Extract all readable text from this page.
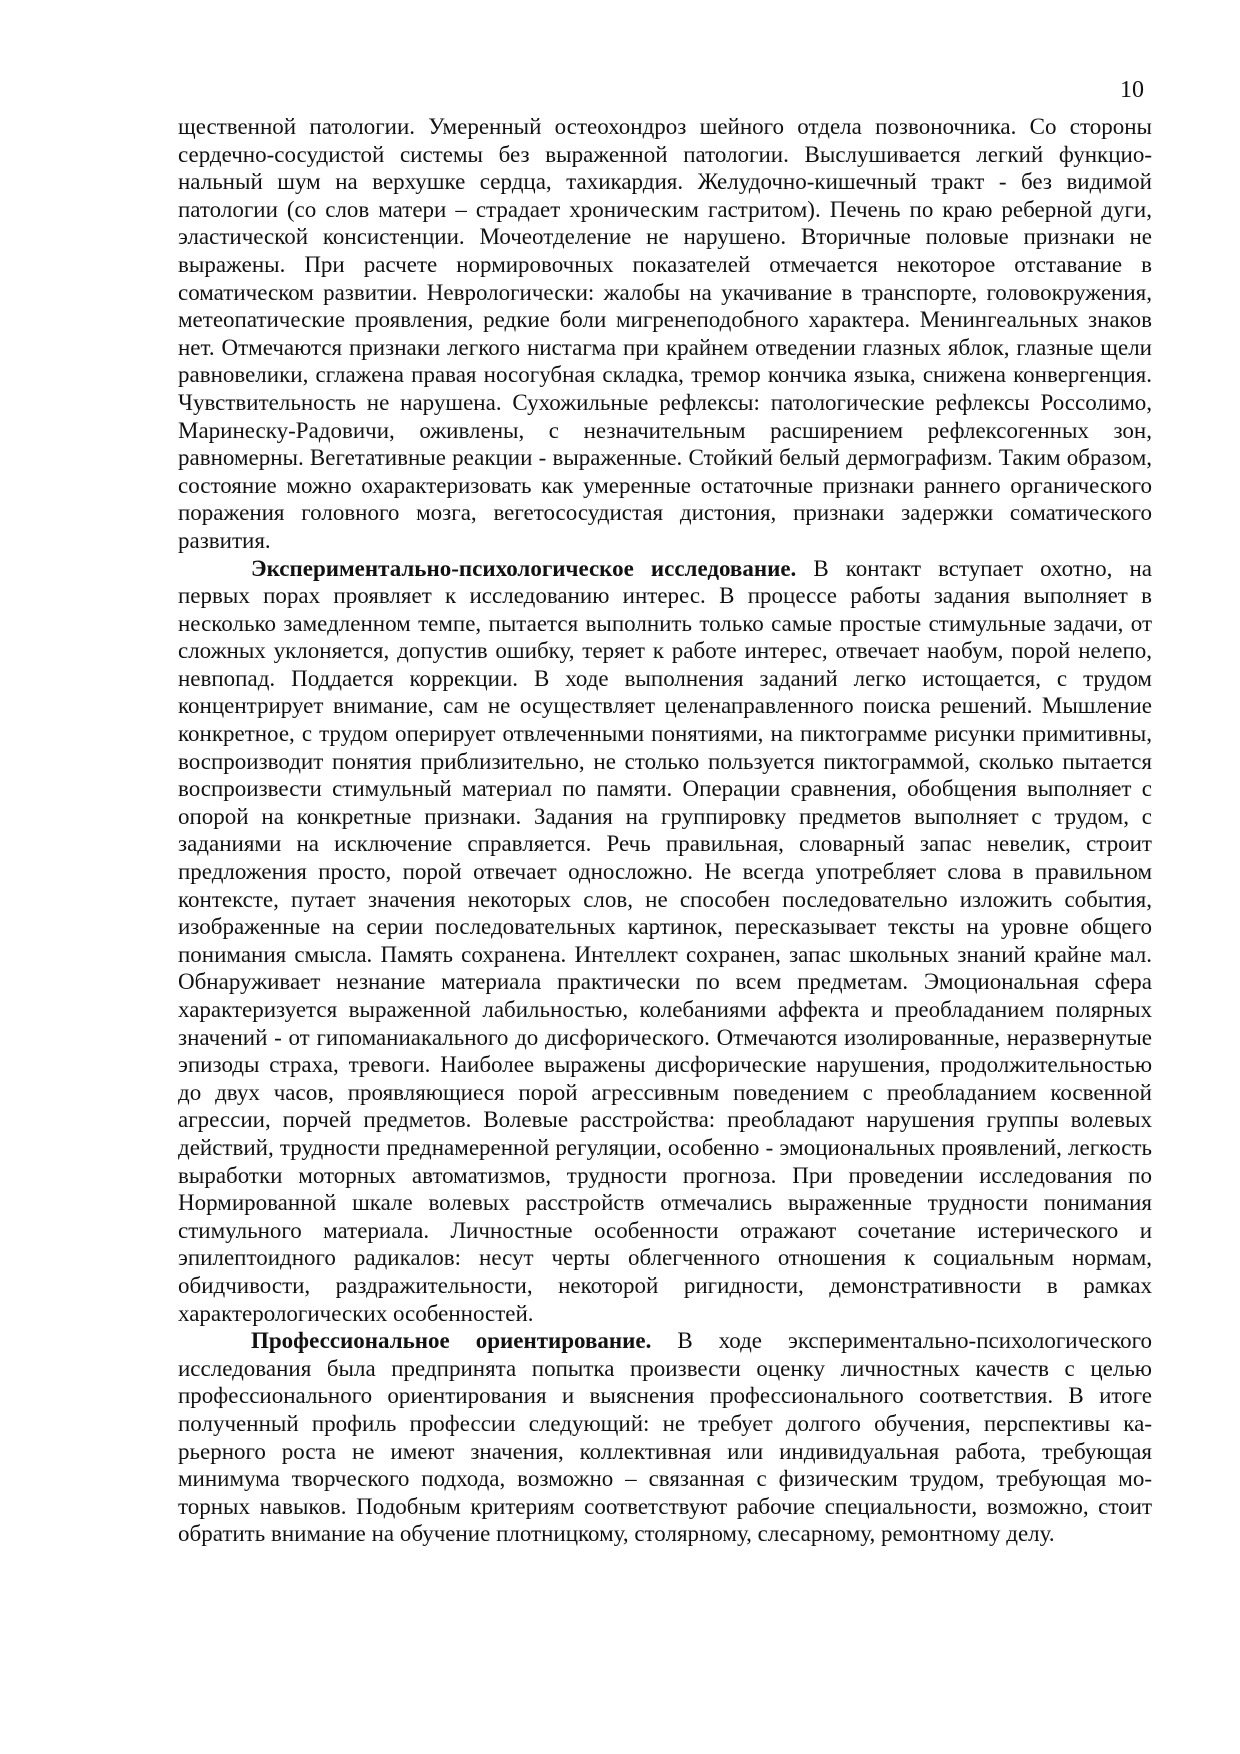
10

щественной патологии. Умеренный остеохондроз шейного отдела позвоночника. Со стороны сердечно-сосудистой системы без выраженной патологии. Выслушивается легкий функциональный шум на верхушке сердца, тахикардия. Желудочно-кишечный тракт - без видимой патологии (со слов матери – страдает хроническим гастритом). Печень по краю реберной дуги, эластической консистенции. Мочеотделение не нарушено. Вторичные половые признаки не выражены. При расчете нормировочных показателей отмечается некоторое отставание в соматическом развитии. Неврологически: жалобы на укачивание в транспорте, головокружения, метеопатические проявления, редкие боли мигренеподобного характера. Менингеальных знаков нет. Отмечаются признаки легкого нистагма при крайнем отведении глазных яблок, глазные щели равновелики, сглажена правая носогубная складка, тремор кончика языка, снижена конвергенция. Чувствительность не нарушена. Сухожильные рефлексы: патологические рефлексы Россолимо, Маринеску-Радовичи, оживлены, с незначительным расширением рефлексогенных зон, равномерны. Вегетативные реакции - выраженные. Стойкий белый дермографизм. Таким образом, состояние можно охарактеризовать как умеренные остаточные признаки раннего органического поражения головного мозга, вегетососудистая дистония, признаки задержки соматического развития.

Экспериментально-психологическое исследование. В контакт вступает охотно, на первых порах проявляет к исследованию интерес. В процессе работы задания выполняет в несколько замедленном темпе, пытается выполнить только самые простые стимульные задачи, от сложных уклоняется, допустив ошибку, теряет к работе интерес, отвечает наобум, порой нелепо, невпопад. Поддается коррекции. В ходе выполнения заданий легко истощается, с трудом концентрирует внимание, сам не осуществляет целенаправленного поиска решений. Мышление конкретное, с трудом оперирует отвлеченными понятиями, на пиктограмме рисунки примитивны, воспроизводит понятия приблизительно, не столько пользуется пиктограммой, сколько пытается воспроизвести стимульный материал по памяти. Операции сравнения, обобщения выполняет с опорой на конкретные признаки. Задания на группировку предметов выполняет с трудом, с заданиями на исключение справляется. Речь правильная, словарный запас невелик, строит предложения просто, порой отвечает односложно. Не всегда употребляет слова в правильном контексте, путает значения некоторых слов, не способен последовательно изложить события, изображенные на серии последовательных картинок, пересказывает тексты на уровне общего понимания смысла. Память сохранена. Интеллект сохранен, запас школьных знаний крайне мал. Обнаруживает незнание материала практически по всем предметам. Эмоциональная сфера характеризуется выраженной лабильностью, колебаниями аффекта и преобладанием полярных значений - от гипоманиакального до дисфорического. Отмечаются изолированные, неразвернутые эпизоды страха, тревоги. Наиболее выражены дисфорические нарушения, продолжительностью до двух часов, проявляющиеся порой агрессивным поведением с преобладанием косвенной агрессии, порчей предметов. Волевые расстройства: преобладают нарушения группы волевых действий, трудности преднамеренной регуляции, особенно - эмоциональных проявлений, легкость выработки моторных автоматизмов, трудности прогноза. При проведении исследования по Нормированной шкале волевых расстройств отмечались выраженные трудности понимания стимульного материала. Личностные особенности отражают сочетание истерического и эпилептоидного радикалов: несут черты облегченного отношения к социальным нормам, обидчивости, раздражительности, некоторой ригидности, демонстративности в рамках характерологических особенностей.

Профессиональное ориентирование. В ходе экспериментально-психологического исследования была предпринята попытка произвести оценку личностных качеств с целью профессионального ориентирования и выяснения профессионального соответствия. В итоге полученный профиль профессии следующий: не требует долгого обучения, перспективы карьерного роста не имеют значения, коллективная или индивидуальная работа, требующая минимума творческого подхода, возможно – связанная с физическим трудом, требующая моторных навыков. Подобным критериям соответствуют рабочие специальности, возможно, стоит обратить внимание на обучение плотницкому, столярному, слесарному, ремонтному делу.
